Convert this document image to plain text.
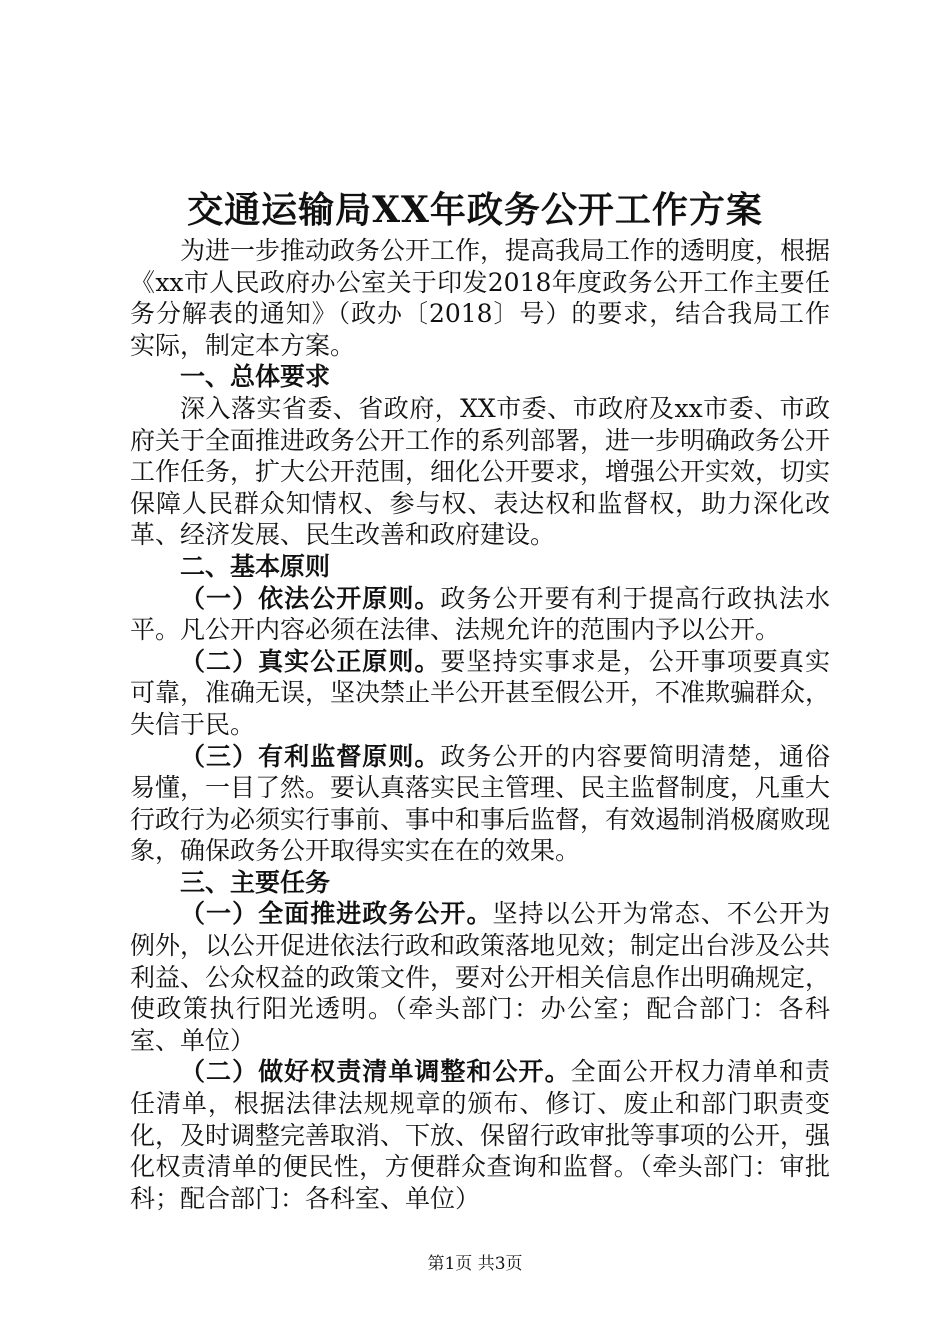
交通运输局XX年政务公开工作方案

为进一步推动政务公开工作，提高我局工作的透明度，根据《xx市人民政府办公室关于印发2018年度政务公开工作主要任务分解表的通知》（政办〔2018〕号）的要求，结合我局工作实际，制定本方案。

一、总体要求

深入落实省委、省政府，XX市委、市政府及xx市委、市政府关于全面推进政务公开工作的系列部署，进一步明确政务公开工作任务，扩大公开范围，细化公开要求，增强公开实效，切实保障人民群众知情权、参与权、表达权和监督权，助力深化改革、经济发展、民生改善和政府建设。

二、基本原则

（一）依法公开原则。政务公开要有利于提高行政执法水平。凡公开内容必须在法律、法规允许的范围内予以公开。

（二）真实公正原则。要坚持实事求是，公开事项要真实可靠，准确无误，坚决禁止半公开甚至假公开，不准欺骗群众，失信于民。

（三）有利监督原则。政务公开的内容要简明清楚，通俗易懂，一目了然。要认真落实民主管理、民主监督制度，凡重大行政行为必须实行事前、事中和事后监督，有效遏制消极腐败现象，确保政务公开取得实实在在的效果。

三、主要任务

（一）全面推进政务公开。坚持以公开为常态、不公开为例外，以公开促进依法行政和政策落地见效；制定出台涉及公共利益、公众权益的政策文件，要对公开相关信息作出明确规定，使政策执行阳光透明。（牵头部门：办公室；配合部门：各科室、单位）

（二）做好权责清单调整和公开。全面公开权力清单和责任清单，根据法律法规规章的颁布、修订、废止和部门职责变化，及时调整完善取消、下放、保留行政审批等事项的公开，强化权责清单的便民性，方便群众查询和监督。（牵头部门：审批科；配合部门：各科室、单位）

第1页 共3页
